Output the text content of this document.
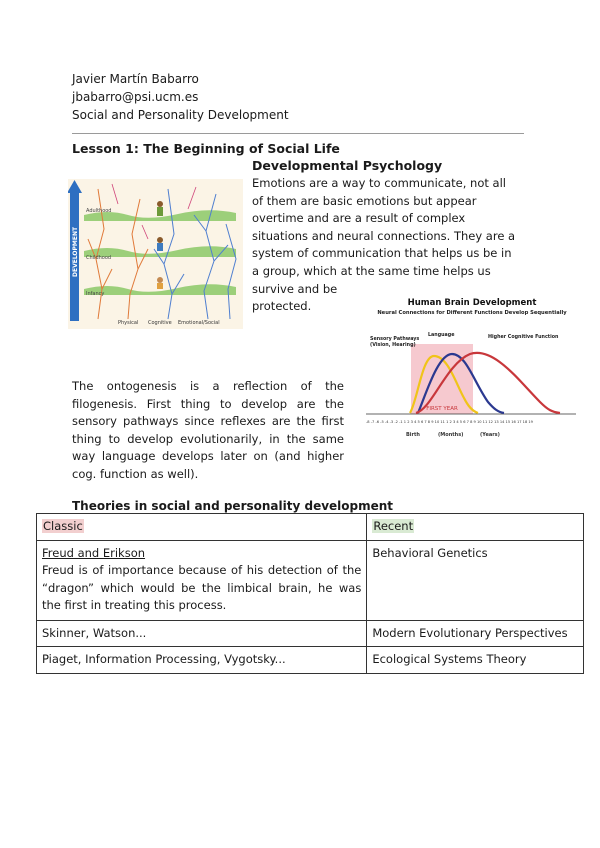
Javier Martín Babarro
jbabarro@psi.ucm.es
Social and Personality Development
Lesson 1: The Beginning of Social Life
Developmental Psychology
DEVELOPMENT
Adulthood
Childhood
Infancy
Physical Cognitive Emotional/Social
Emotions are a way to communicate, not all
of them are basic emotions but appear
overtime and are a result of complex
situations and neural connections. They are a
system of communication that helps us be in
a group, which at the same time helps us
survive and be
protected.	Human Brain Development
Neural Connections for Different Functions Develop Sequentially
FIRST YEAR
Sensory Pathways
(Vision, Hearing)
Language	Higher Cognitive Function
-8 -7 -6 -5 -4 -3 -2 -1 1 2 3 4 5 6 7 8 9 10 11 1 2 3 4 5 6 7 8 9 10 11 12 13 14 15 16 17 18 19
Birth	(Months)	(Years)
The ontogenesis is a reflection of the filogenesis. First thing to develop are the sensory pathways since reflexes are the first thing to develop evolutionarily, in the same way language develops later on (and higher cog. function as well).
Theories in social and personality development
Classic	Recent

Freud and Erikson
Freud is of importance because of his detection of the “dragon” which would be the limbical brain, he was the first in treating this process.	Behavioral Genetics
Skinner, Watson...	Modern Evolutionary Perspectives
Piaget, Information Processing, Vygotsky...	Ecological Systems Theory
